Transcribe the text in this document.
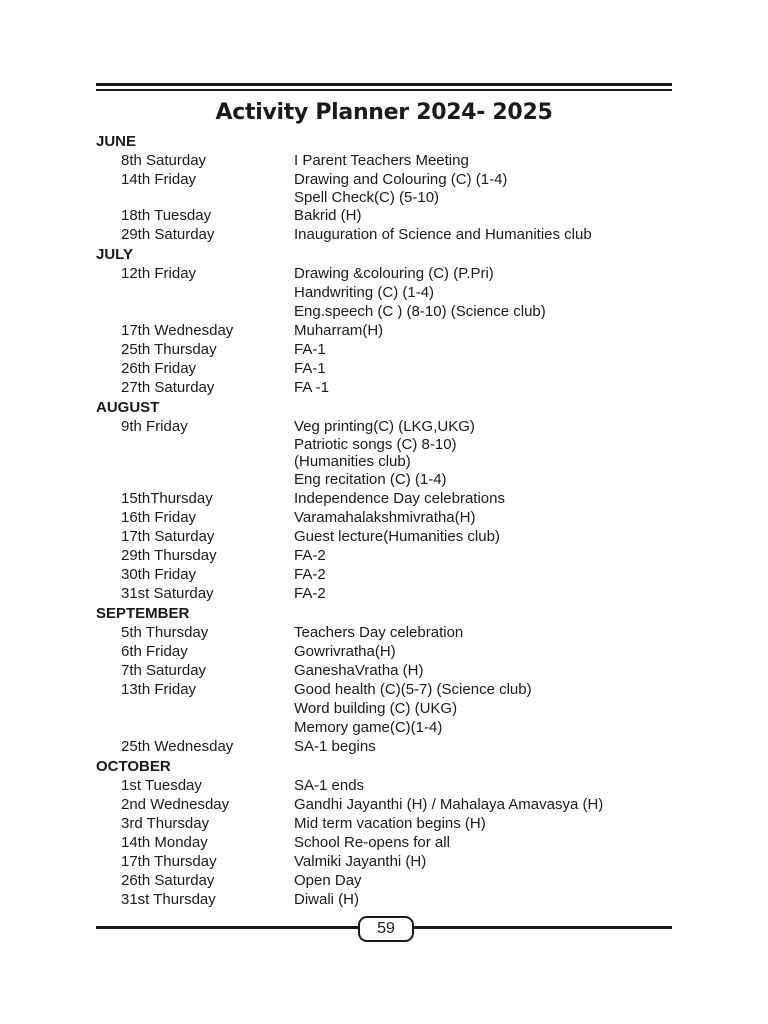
Activity Planner 2024- 2025
JUNE
8th Saturday	I Parent Teachers Meeting
14th Friday	Drawing and Colouring (C) (1-4)
Spell Check(C) (5-10)
18th Tuesday	Bakrid (H)
29th Saturday	Inauguration of Science and Humanities club
JULY
12th Friday	Drawing &colouring (C) (P.Pri)
Handwriting (C) (1-4)
Eng.speech (C ) (8-10) (Science club)
17th Wednesday	Muharram(H)
25th Thursday	FA-1
26th Friday	FA-1
27th Saturday	FA -1
AUGUST
9th Friday	Veg printing(C) (LKG,UKG)
Patriotic songs (C) 8-10)
(Humanities club)
Eng recitation (C) (1-4)
15thThursday	Independence Day celebrations
16th Friday	Varamahalakshmivratha(H)
17th Saturday	Guest lecture(Humanities club)
29th Thursday	FA-2
30th Friday	FA-2
31st Saturday	FA-2
SEPTEMBER
5th Thursday	Teachers Day celebration
6th Friday	Gowrivratha(H)
7th Saturday	GaneshaVratha (H)
13th Friday	Good health (C)(5-7) (Science club)
Word building (C) (UKG)
Memory game(C)(1-4)
25th Wednesday	SA-1 begins
OCTOBER
1st Tuesday	SA-1 ends
2nd Wednesday	Gandhi Jayanthi (H) / Mahalaya Amavasya (H)
3rd Thursday	Mid term vacation begins (H)
14th Monday	School Re-opens for all
17th Thursday	Valmiki Jayanthi (H)
26th Saturday	Open Day
31st Thursday	Diwali (H)
59
